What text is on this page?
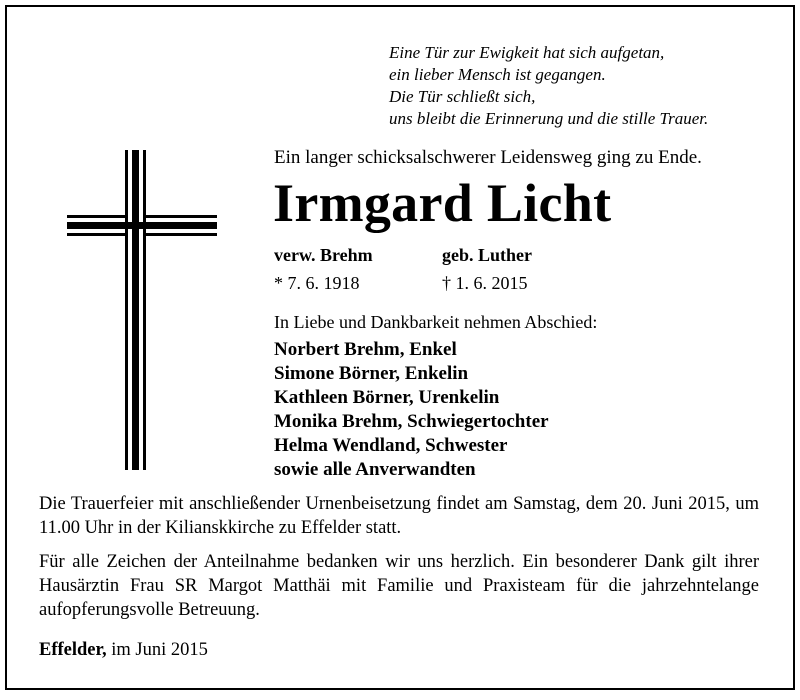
Eine Tür zur Ewigkeit hat sich aufgetan,
ein lieber Mensch ist gegangen.
Die Tür schließt sich,
uns bleibt die Erinnerung und die stille Trauer.
Ein langer schicksalschwerer Leidensweg ging zu Ende.
Irmgard Licht
verw. Brehm	geb. Luther
* 7. 6. 1918	† 1. 6. 2015
In Liebe und Dankbarkeit nehmen Abschied:
Norbert Brehm, Enkel
Simone Börner, Enkelin
Kathleen Börner, Urenkelin
Monika Brehm, Schwiegertochter
Helma Wendland, Schwester
sowie alle Anverwandten
Die Trauerfeier mit anschließender Urnenbeisetzung findet am Samstag, dem 20. Juni 2015, um 11.00 Uhr in der Kilianskkirche zu Effelder statt.
Für alle Zeichen der Anteilnahme bedanken wir uns herzlich. Ein besonderer Dank gilt ihrer Hausärztin Frau SR Margot Matthäi mit Familie und Praxisteam für die jahrzehntelange aufopferungsvolle Betreuung.
Effelder, im Juni 2015
